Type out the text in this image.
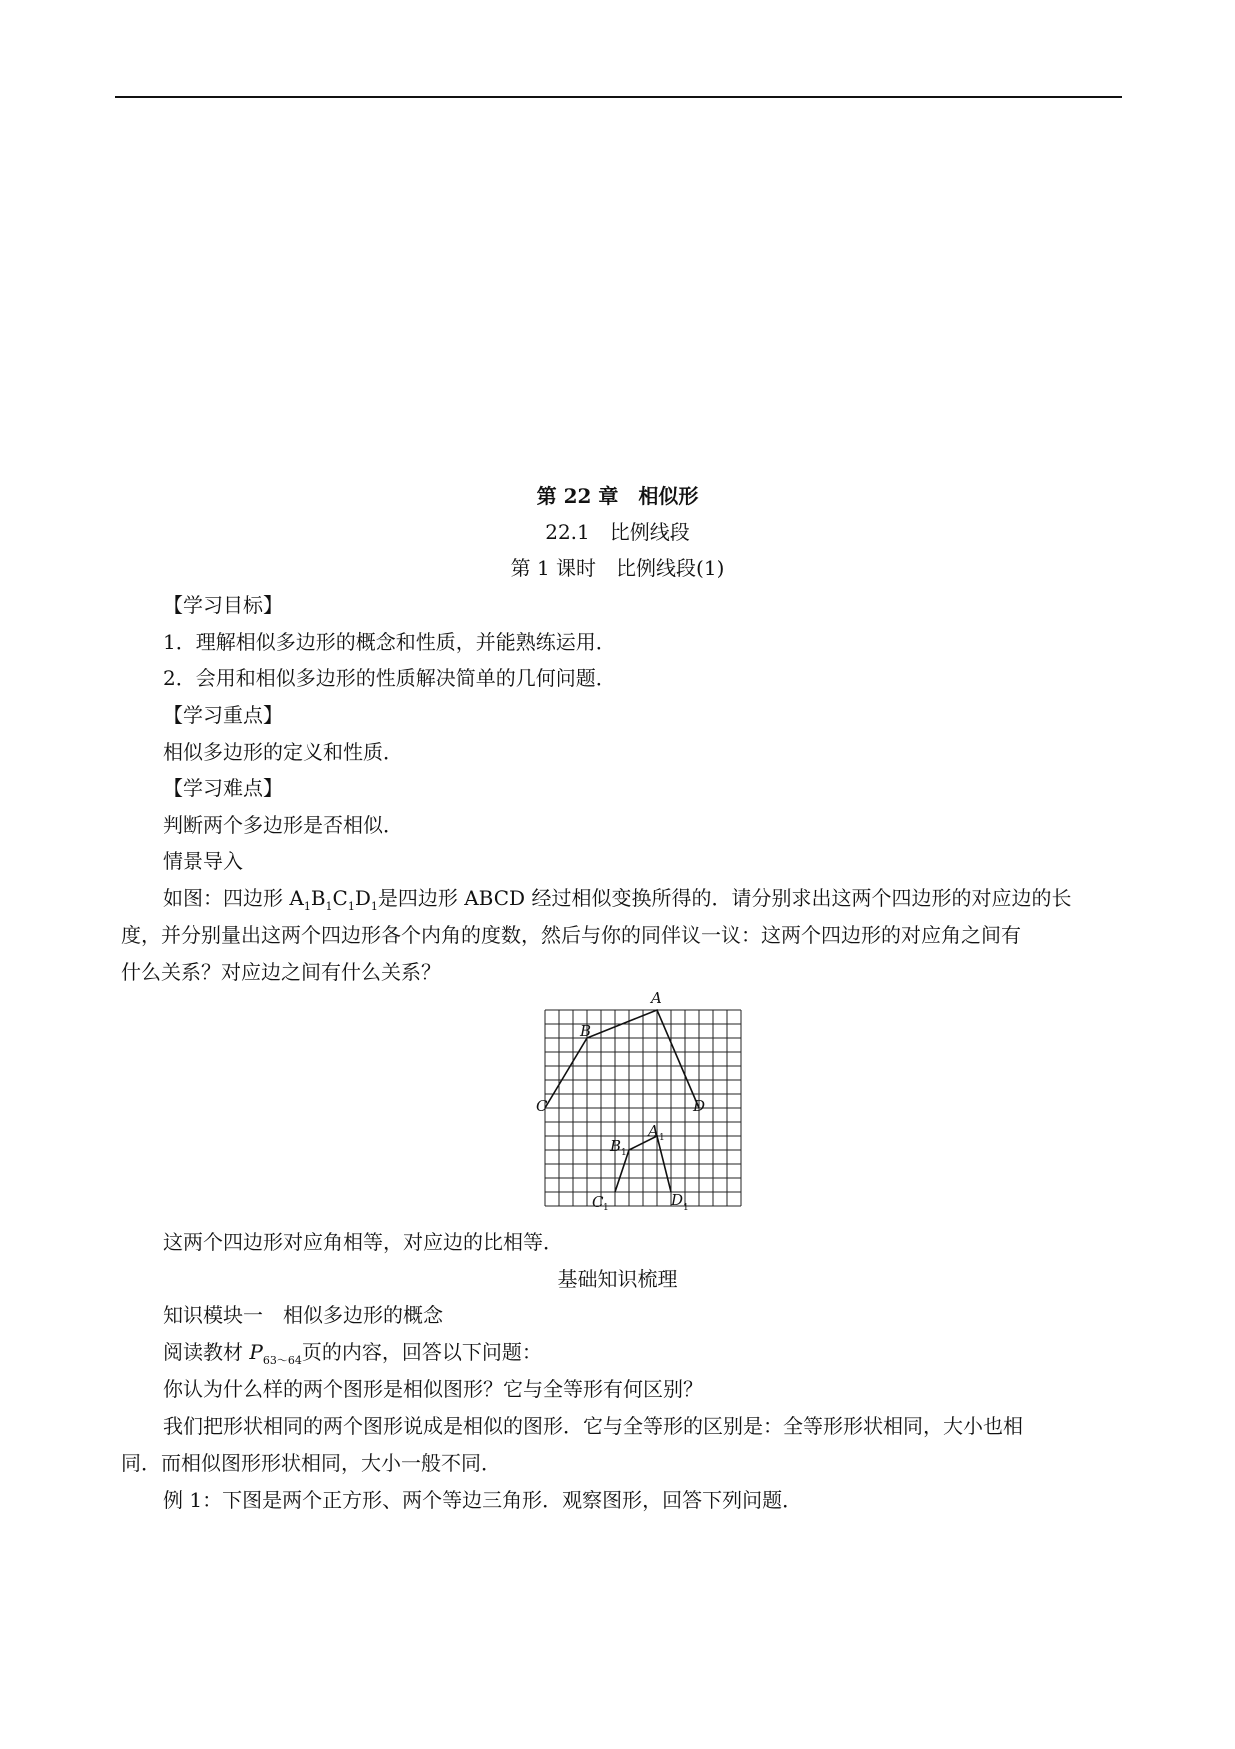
第 22 章　相似形
22.1　比例线段
第 1 课时　比例线段(1)
【学习目标】
1．理解相似多边形的概念和性质，并能熟练运用．
2．会用和相似多边形的性质解决简单的几何问题．
【学习重点】
相似多边形的定义和性质．
【学习难点】
判断两个多边形是否相似．
情景导入
如图：四边形 $A_1B_1C_1D_1$是四边形 ABCD 经过相似变换所得的．请分别求出这两个四边形的对应边的长
度，并分别量出这两个四边形各个内角的度数，然后与你的同伴议一议：这两个四边形的对应角之间有
什么关系？对应边之间有什么关系？
A
B
C	D
A 1
B 1
C 1	D 1
这两个四边形对应角相等，对应边的比相等．
基础知识梳理
知识模块一　相似多边形的概念
阅读教材 $P_{63\sim 64}$页的内容，回答以下问题：
你认为什么样的两个图形是相似图形？它与全等形有何区别？
我们把形状相同的两个图形说成是相似的图形．它与全等形的区别是：全等形形状相同，大小也相
同．而相似图形形状相同，大小一般不同．
例 1：下图是两个正方形、两个等边三角形．观察图形，回答下列问题．
